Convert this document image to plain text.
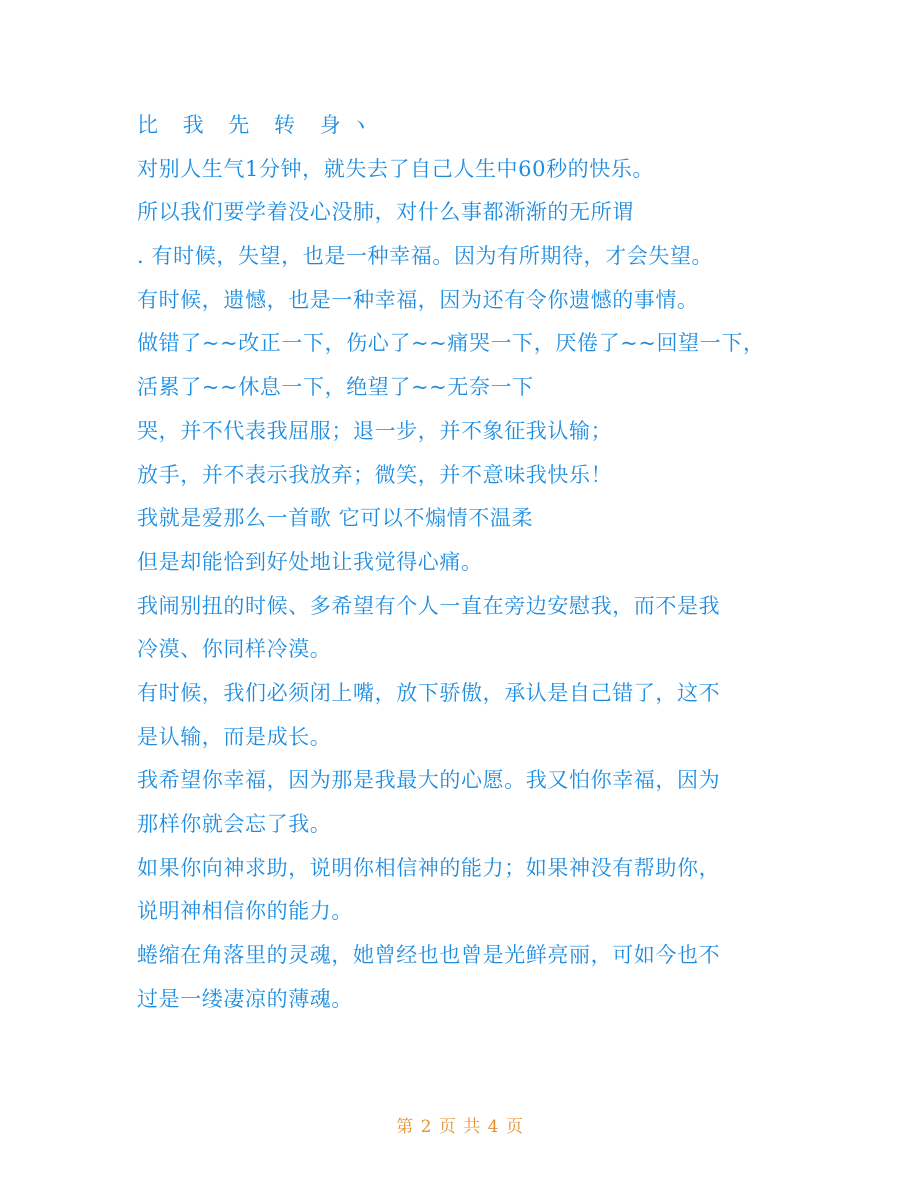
比 我 先 转 身ヽ
对别人生气1分钟，就失去了自己人生中60秒的快乐。
所以我们要学着没心没肺，对什么事都渐渐的无所谓
. 有时候，失望，也是一种幸福。因为有所期待，才会失望。
有时候，遗憾，也是一种幸福，因为还有令你遗憾的事情。
做错了~~改正一下，伤心了~~痛哭一下，厌倦了~~回望一下，
活累了~~休息一下，绝望了~~无奈一下
哭，并不代表我屈服；退一步，并不象征我认输；
放手，并不表示我放弃；微笑，并不意味我快乐！
我就是爱那么一首歌 它可以不煽情不温柔
但是却能恰到好处地让我觉得心痛。
我闹别扭的时候、多希望有个人一直在旁边安慰我，而不是我
冷漠、你同样冷漠。
有时候，我们必须闭上嘴，放下骄傲，承认是自己错了，这不
是认输，而是成长。
我希望你幸福，因为那是我最大的心愿。我又怕你幸福，因为
那样你就会忘了我。
如果你向神求助，说明你相信神的能力；如果神没有帮助你，
说明神相信你的能力。
蜷缩在角落里的灵魂，她曾经也也曾是光鲜亮丽，可如今也不
过是一缕凄凉的薄魂。
第 2 页 共 4 页
